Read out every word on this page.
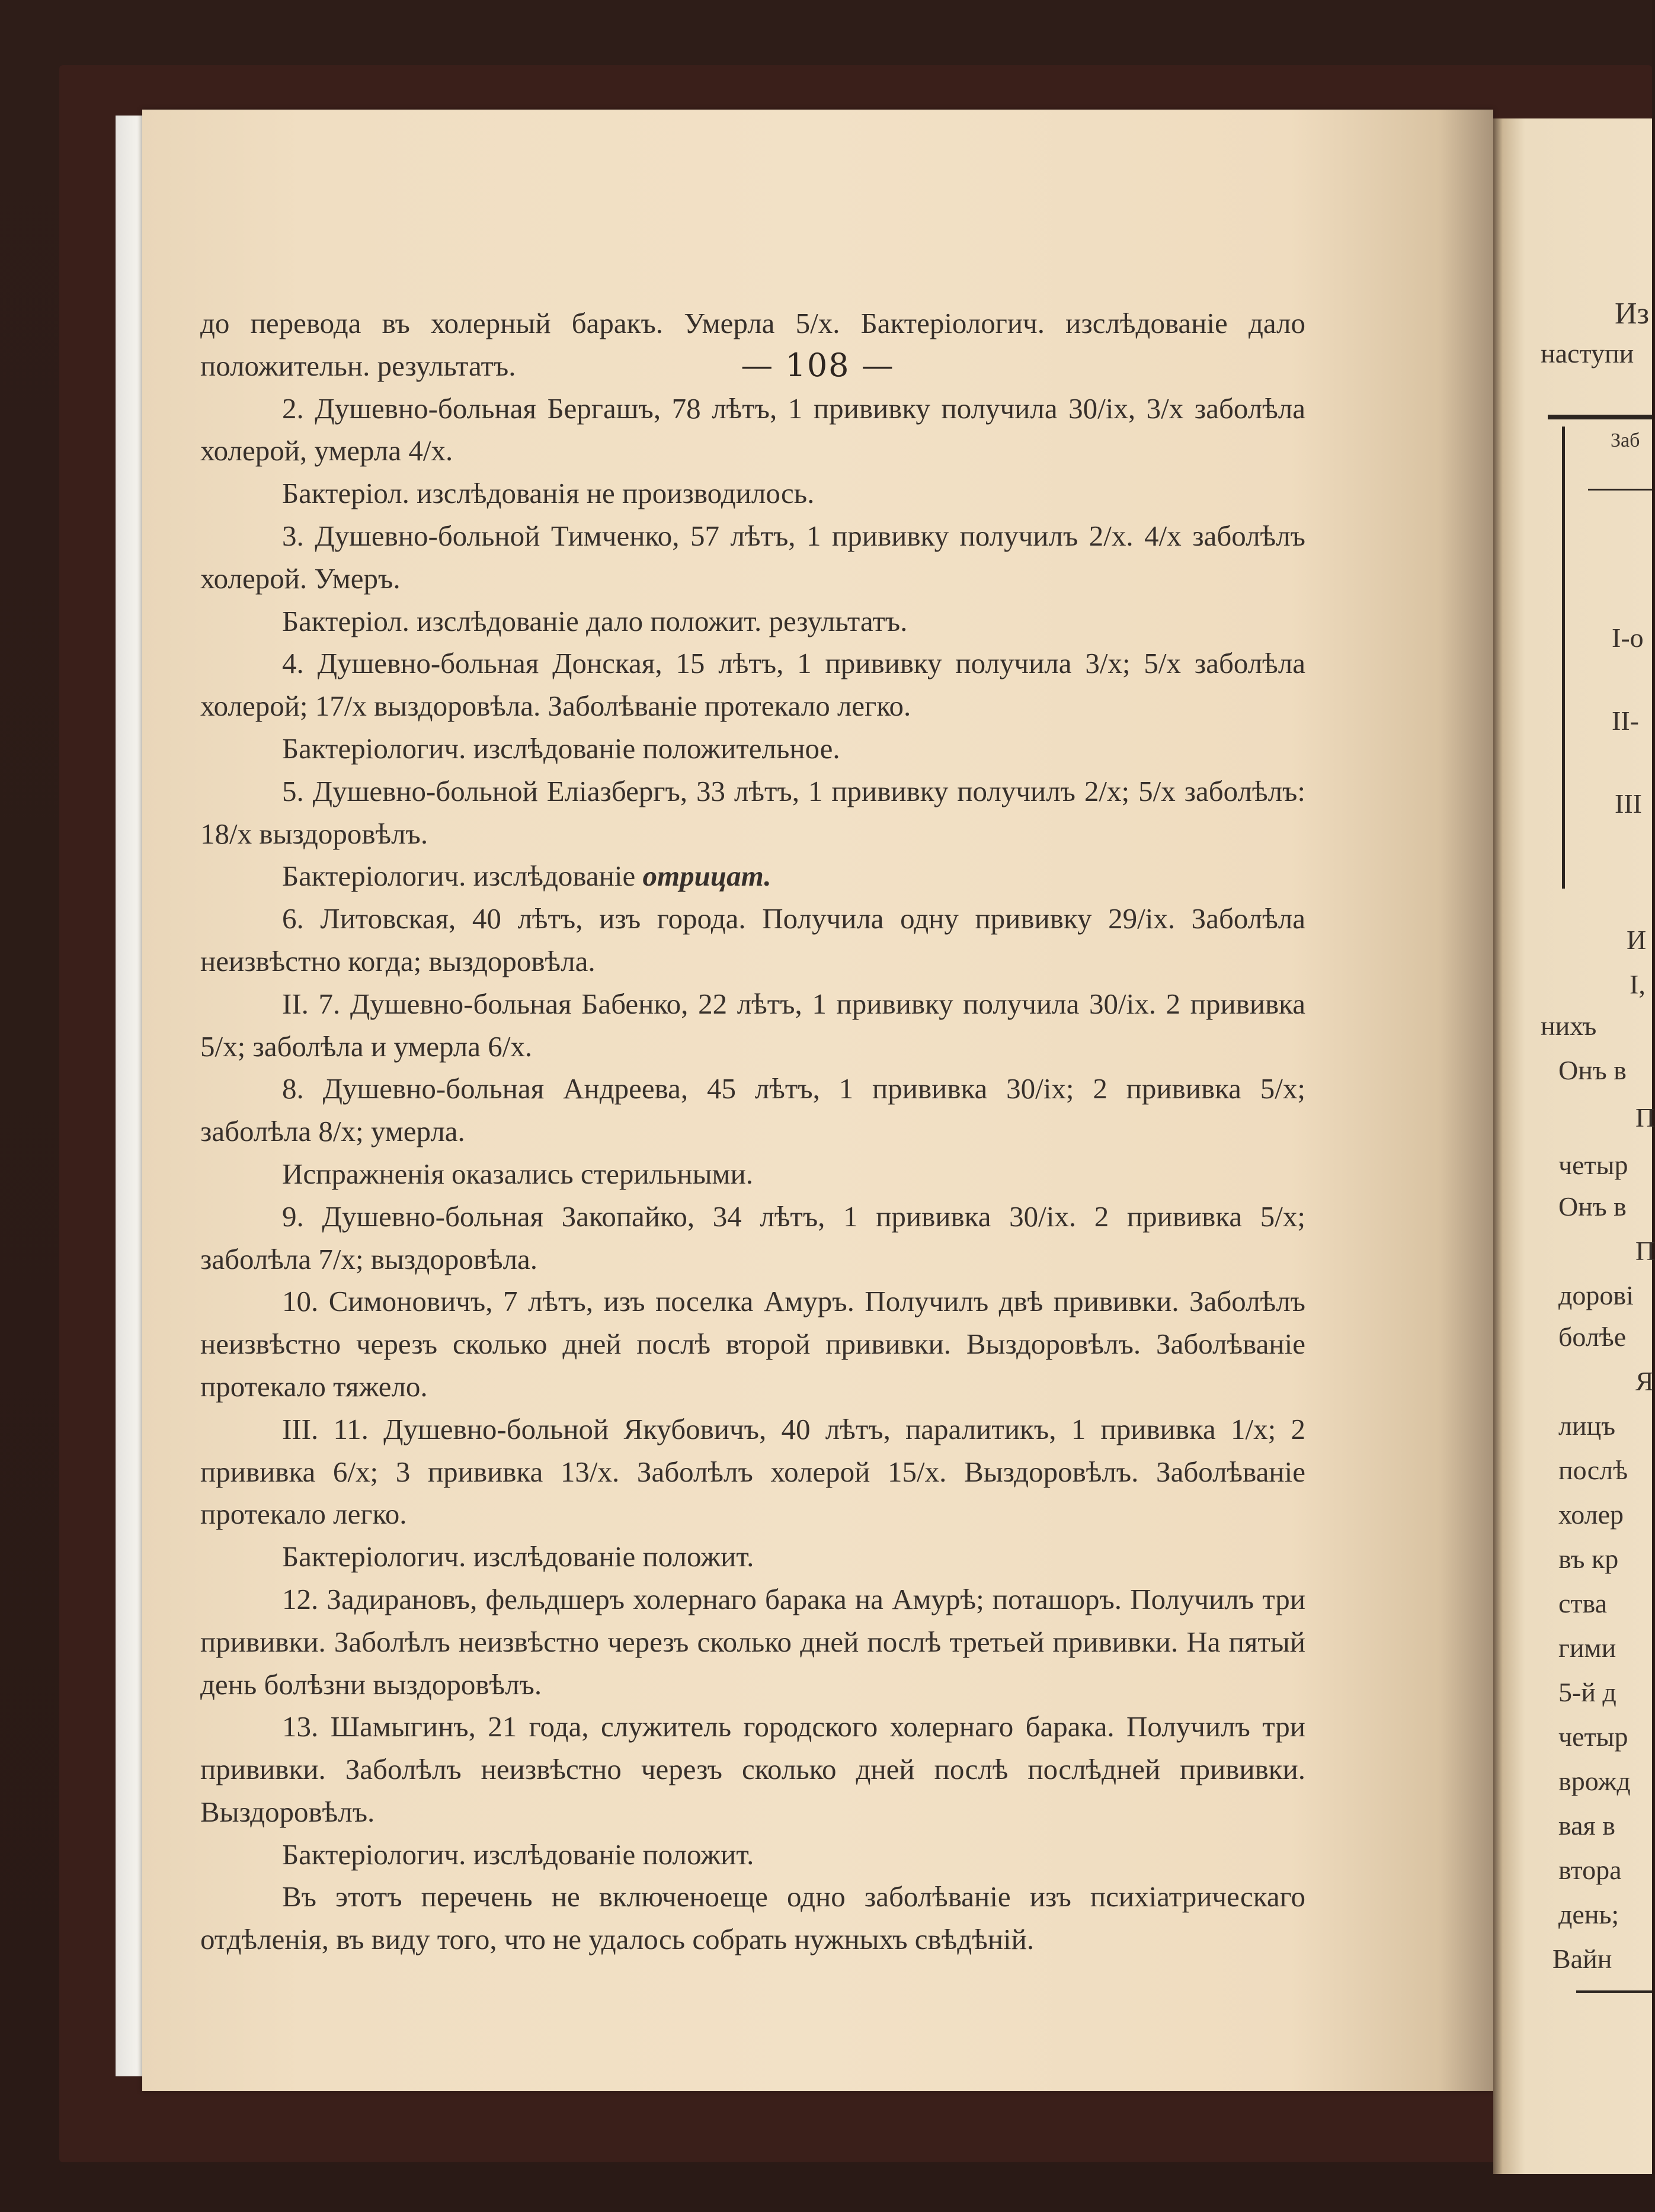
— 108 —

до перевода въ холерный баракъ. Умерла 5/х. Бактеріологич. изслѣдованіе дало положительн. результатъ.

2. Душевно-больная Бергашъ, 78 лѣтъ, 1 прививку получила 30/іх, 3/х заболѣла холерой, умерла 4/х.

Бактеріол. изслѣдованія не производилось.

3. Душевно-больной Тимченко, 57 лѣтъ, 1 прививку получилъ 2/х. 4/х заболѣлъ холерой. Умеръ.

Бактеріол. изслѣдованіе дало положит. результатъ.

4. Душевно-больная Донская, 15 лѣтъ, 1 прививку получила 3/х; 5/х заболѣла холерой; 17/х выздоровѣла. Заболѣваніе протекало легко.

Бактеріологич. изслѣдованіе положительное.

5. Душевно-больной Еліазбергъ, 33 лѣтъ, 1 прививку получилъ 2/х; 5/х заболѣлъ: 18/х выздоровѣлъ.

Бактеріологич. изслѣдованіе отрицат.

6. Литовская, 40 лѣтъ, изъ города. Получила одну прививку 29/іх. Заболѣла неизвѣстно когда; выздоровѣла.

II. 7. Душевно-больная Бабенко, 22 лѣтъ, 1 прививку получила 30/іх. 2 прививка 5/х; заболѣла и умерла 6/х.

8. Душевно-больная Андреева, 45 лѣтъ, 1 прививка 30/іх; 2 прививка 5/х; заболѣла 8/х; умерла.

Испражненія оказались стерильными.

9. Душевно-больная Закопайко, 34 лѣтъ, 1 прививка 30/іх. 2 прививка 5/х; заболѣла 7/х; выздоровѣла.

10. Симоновичъ, 7 лѣтъ, изъ поселка Амуръ. Получилъ двѣ прививки. Заболѣлъ неизвѣстно черезъ сколько дней послѣ второй прививки. Выздоровѣлъ. Заболѣваніе протекало тяжело.

III. 11. Душевно-больной Якубовичъ, 40 лѣтъ, паралитикъ, 1 прививка 1/х; 2 прививка 6/х; 3 прививка 13/х. Заболѣлъ холерой 15/х. Выздоровѣлъ. Заболѣваніе протекало легко.

Бактеріологич. изслѣдованіе положит.

12. Задирановъ, фельдшеръ холернаго барака на Амурѣ; поташоръ. Получилъ три прививки. Заболѣлъ неизвѣстно черезъ сколько дней послѣ третьей прививки. На пятый день болѣзни выздоровѣлъ.

13. Шамыгинъ, 21 года, служитель городского холернаго барака. Получилъ три прививки. Заболѣлъ неизвѣстно черезъ сколько дней послѣ послѣдней прививки. Выздоровѣлъ.

Бактеріологич. изслѣдованіе положит.

Въ этотъ перечень не включеноеще одно заболѣваніе изъ психіатрическаго отдѣленія, въ виду того, что не удалось собрать нужныхъ свѣдѣній.

Из
наступи
Заб
I-о
II-
III
И
I,
нихъ
Онъ в
П
четыр
Онъ в
П
дорові
болѣе
Я
лицъ
послѣ
холер
въ кр
ства
гими
5-й д
четыр
врожд
вая в
втора
день;
Вайн
